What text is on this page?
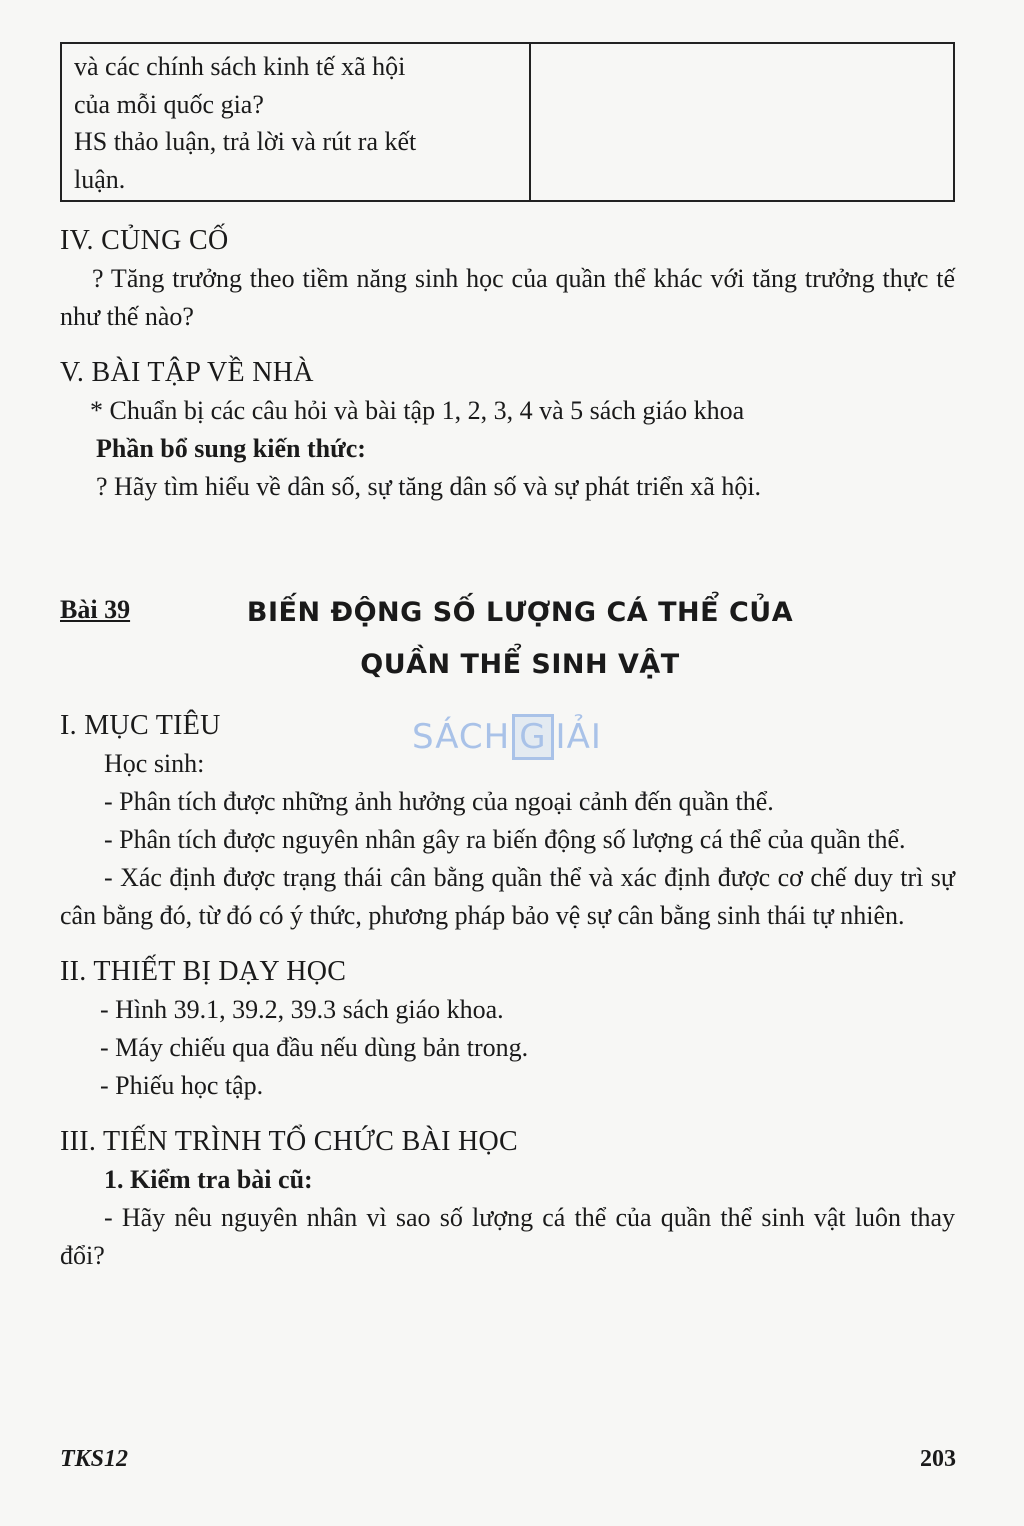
và các chính sách kinh tế xã hội
của mỗi quốc gia?
HS thảo luận, trả lời và rút ra kết
luận.

IV. CỦNG CỐ

? Tăng trưởng theo tiềm năng sinh học của quần thể khác với tăng trưởng thực tế như thế nào?

V. BÀI TẬP VỀ NHÀ

* Chuẩn bị các câu hỏi và bài tập 1, 2, 3, 4 và 5 sách giáo khoa

Phần bổ sung kiến thức:

? Hãy tìm hiểu về dân số, sự tăng dân số và sự phát triển xã hội.

Bài 39	BIẾN ĐỘNG SỐ LƯỢNG CÁ THỂ CỦA
QUẦN THỂ SINH VẬT
SÁCH G IẢI

I. MỤC TIÊU

Học sinh:

- Phân tích được những ảnh hưởng của ngoại cảnh đến quần thể.

- Phân tích được nguyên nhân gây ra biến động số lượng cá thể của quần thể.

- Xác định được trạng thái cân bằng quần thể và xác định được cơ chế duy trì sự cân bằng đó, từ đó có ý thức, phương pháp bảo vệ sự cân bằng sinh thái tự nhiên.

II. THIẾT BỊ DẠY HỌC

- Hình 39.1, 39.2, 39.3 sách giáo khoa.

- Máy chiếu qua đầu nếu dùng bản trong.

- Phiếu học tập.

III. TIẾN TRÌNH TỔ CHỨC BÀI HỌC

1. Kiểm tra bài cũ:

- Hãy nêu nguyên nhân vì sao số lượng cá thể của quần thể sinh vật luôn thay đổi?

TKS12	203
